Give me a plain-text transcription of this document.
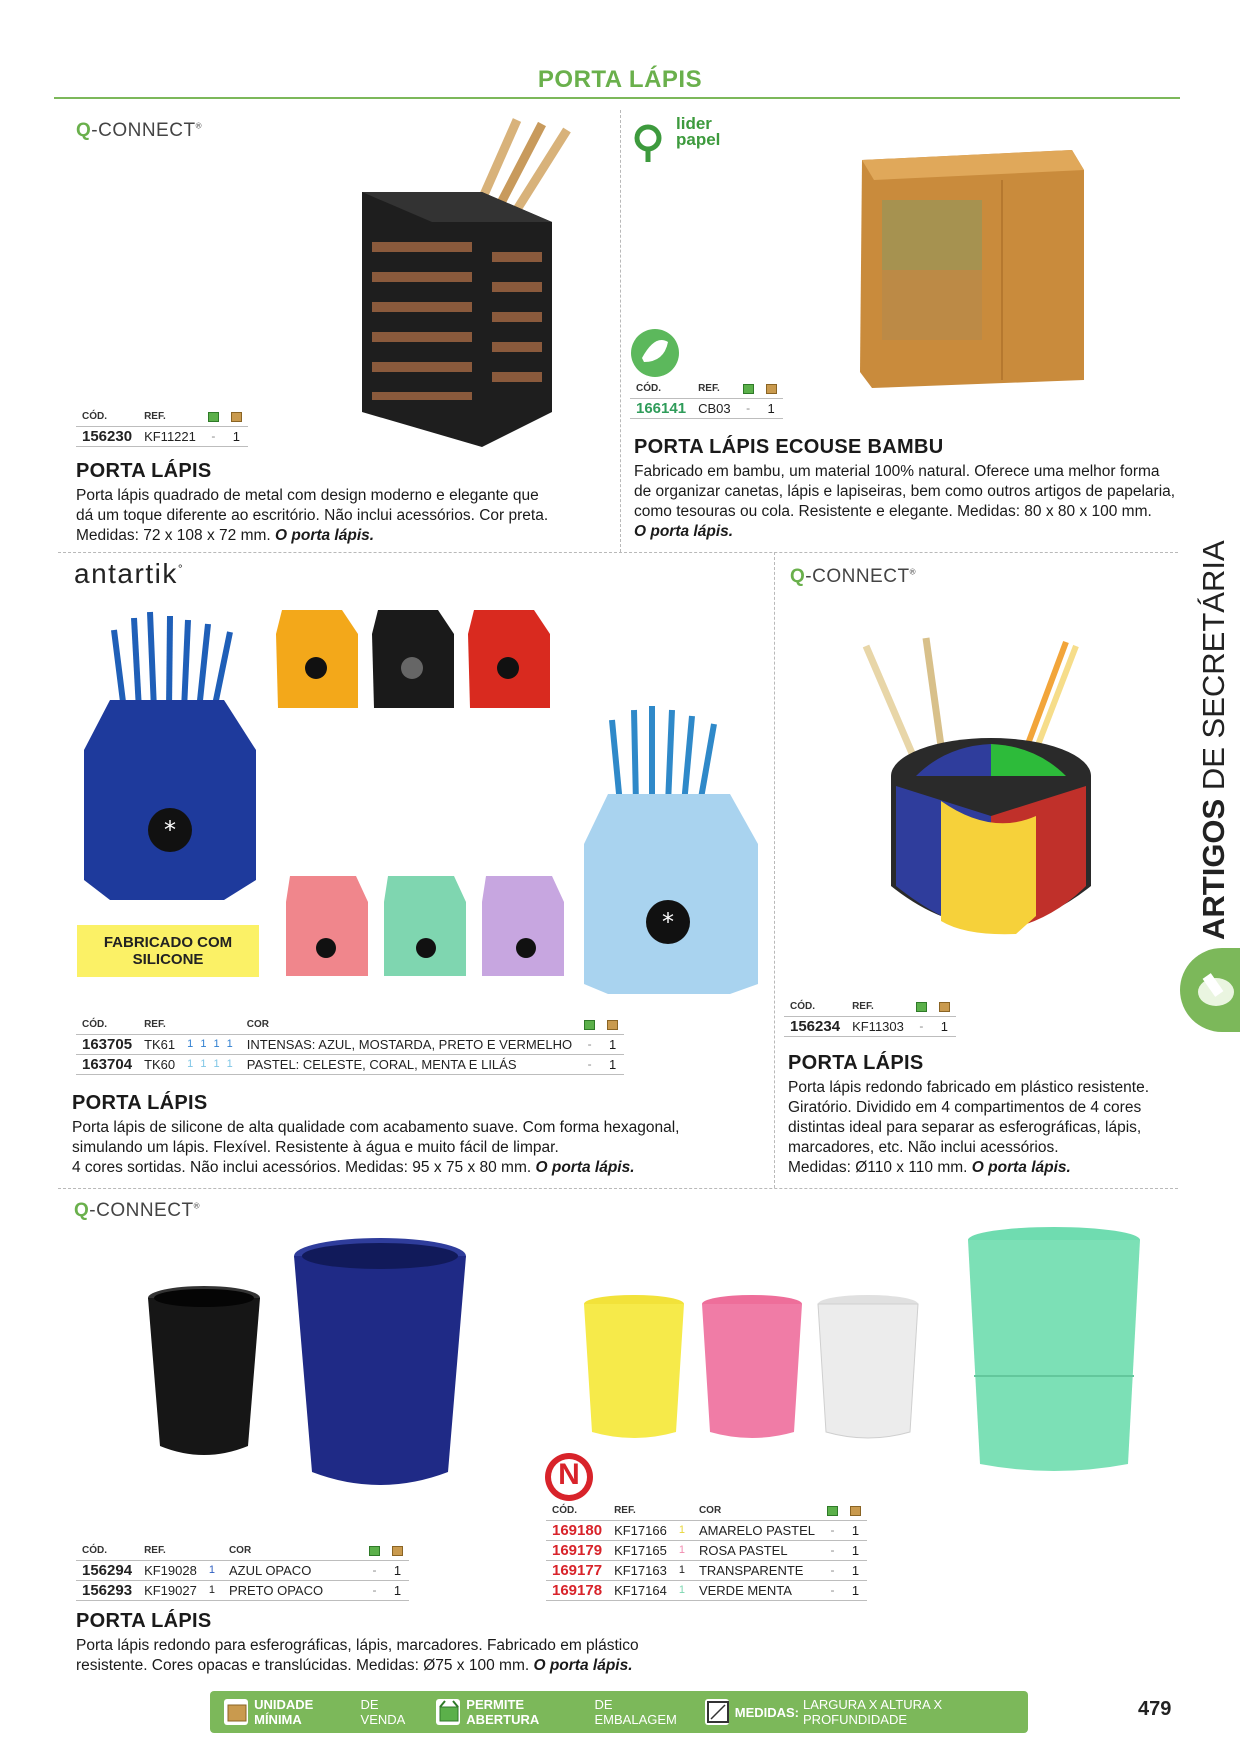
PORTA LÁPIS
ARTIGOS DE SECRETÁRIA
Q-CONNECT®
CÓD.	REF.		
156230	KF11221	-	1
PORTA LÁPIS
Porta lápis quadrado de metal com design moderno e elegante que
dá um toque diferente ao escritório. Não inclui acessórios. Cor preta.
Medidas: 72 x 108 x 72 mm. O porta lápis.
lider
papel
CÓD.	REF.		
166141	CB03	-	1
PORTA LÁPIS ECOUSE BAMBU
Fabricado em bambu, um material 100% natural. Oferece uma melhor forma
de organizar canetas, lápis e lapiseiras, bem como outros artigos de papelaria,
como tesouras ou cola. Resistente e elegante. Medidas: 80 x 80 x 100 mm.
O porta lápis.
antartik°
*
*
FABRICADO COM
SILICONE
CÓD.	REF.		COR		
163705	TK61	1 1 1 1	INTENSAS: AZUL, MOSTARDA, PRETO E VERMELHO	-	1
163704	TK60	1 1 1 1	PASTEL: CELESTE, CORAL, MENTA E LILÁS	-	1
PORTA LÁPIS
Porta lápis de silicone de alta qualidade com acabamento suave. Com forma hexagonal,
simulando um lápis. Flexível. Resistente à água e muito fácil de limpar.
4 cores sortidas. Não inclui acessórios. Medidas: 95 x 75 x 80 mm. O porta lápis.
Q-CONNECT®
CÓD.	REF.		
156234	KF11303	-	1
PORTA LÁPIS
Porta lápis redondo fabricado em plástico resistente.
Giratório. Dividido em 4 compartimentos de 4 cores
distintas ideal para separar as esferográficas, lápis,
marcadores, etc. Não inclui acessórios.
Medidas: Ø110 x 110 mm. O porta lápis.
Q-CONNECT®
CÓD.	REF.		COR		
156294	KF19028	1	AZUL OPACO	-	1
156293	KF19027	1	PRETO OPACO	-	1
PORTA LÁPIS
Porta lápis redondo para esferográficas, lápis, marcadores. Fabricado em plástico
resistente. Cores opacas e translúcidas. Medidas: Ø75 x 100 mm. O porta lápis.
N
CÓD.	REF.		COR		
169180	KF17166	1	AMARELO PASTEL	-	1
169179	KF17165	1	ROSA PASTEL	-	1
169177	KF17163	1	TRANSPARENTE	-	1
169178	KF17164	1	VERDE MENTA	-	1
UNIDADE MÍNIMA
DE VENDA
PERMITE ABERTURA
DE EMBALAGEM	MEDIDAS: LARGURA X ALTURA X PROFUNDIDADE	479
